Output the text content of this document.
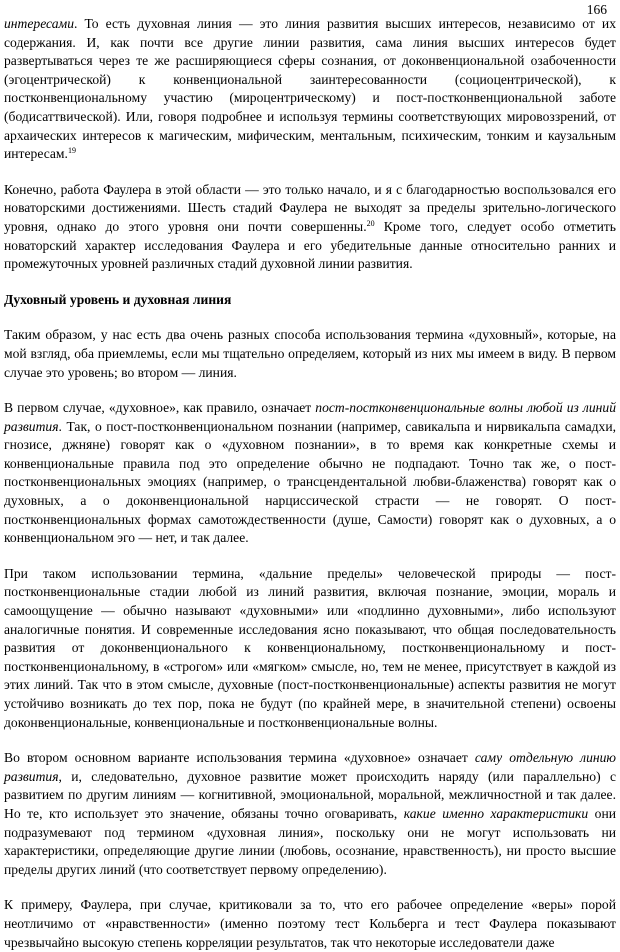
166

интересами. То есть духовная линия — это линия развития высших интересов, независимо от их содержания. И, как почти все другие линии развития, сама линия высших интересов будет развертываться через те же расширяющиеся сферы сознания, от доконвенциональной озабоченности (эгоцентрической) к конвенциональной заинтересованности (социоцентрической), к постконвенциональному участию (мироцентрическому) и пост-постконвенциональной заботе (бодисаттвической). Или, говоря подробнее и используя термины соответствующих мировоззрений, от архаических интересов к магическим, мифическим, ментальным, психическим, тонким и каузальным интересам.$^{19}$

Конечно, работа Фаулера в этой области — это только начало, и я с благодарностью воспользовался его новаторскими достижениями. Шесть стадий Фаулера не выходят за пределы зрительно-логического уровня, однако до этого уровня они почти совершенны.$^{20}$ Кроме того, следует особо отметить новаторский характер исследования Фаулера и его убедительные данные относительно ранних и промежуточных уровней различных стадий духовной линии развития.

Духовный уровень и духовная линия

Таким образом, у нас есть два очень разных способа использования термина «духовный», которые, на мой взгляд, оба приемлемы, если мы тщательно определяем, который из них мы имеем в виду. В первом случае это уровень; во втором — линия.

В первом случае, «духовное», как правило, означает пост-постконвенциональные волны любой из линий развития. Так, о пост-постконвенциональном познании (например, савикальпа и нирвикальпа самадхи, гнозисе, джняне) говорят как о «духовном познании», в то время как конкретные схемы и конвенциональные правила под это определение обычно не подпадают. Точно так же, о пост-постконвенциональных эмоциях (например, о трансцендентальной любви-блаженства) говорят как о духовных, а о доконвенциональной нарциссической страсти — не говорят. О пост-постконвенциональных формах самотождественности (душе, Самости) говорят как о духовных, а о конвенциональном эго — нет, и так далее.

При таком использовании термина, «дальние пределы» человеческой природы — пост-постконвенциональные стадии любой из линий развития, включая познание, эмоции, мораль и самоощущение — обычно называют «духовными» или «подлинно духовными», либо используют аналогичные понятия. И современные исследования ясно показывают, что общая последовательность развития от доконвенционального к конвенциональному, постконвенциональному и пост-постконвенциональному, в «строгом» или «мягком» смысле, но, тем не менее, присутствует в каждой из этих линий. Так что в этом смысле, духовные (пост-постконвенциональные) аспекты развития не могут устойчиво возникать до тех пор, пока не будут (по крайней мере, в значительной степени) освоены доконвенциональные, конвенциональные и постконвенциональные волны.

Во втором основном варианте использования термина «духовное» означает саму отдельную линию развития, и, следовательно, духовное развитие может происходить наряду (или параллельно) с развитием по другим линиям — когнитивной, эмоциональной, моральной, межличностной и так далее. Но те, кто использует это значение, обязаны точно оговаривать, какие именно характеристики они подразумевают под термином «духовная линия», поскольку они не могут использовать ни характеристики, определяющие другие линии (любовь, осознание, нравственность), ни просто высшие пределы других линий (что соответствует первому определению).

К примеру, Фаулера, при случае, критиковали за то, что его рабочее определение «веры» порой неотличимо от «нравственности» (именно поэтому тест Кольберга и тест Фаулера показывают чрезвычайно высокую степень корреляции результатов, так что некоторые исследователи даже
